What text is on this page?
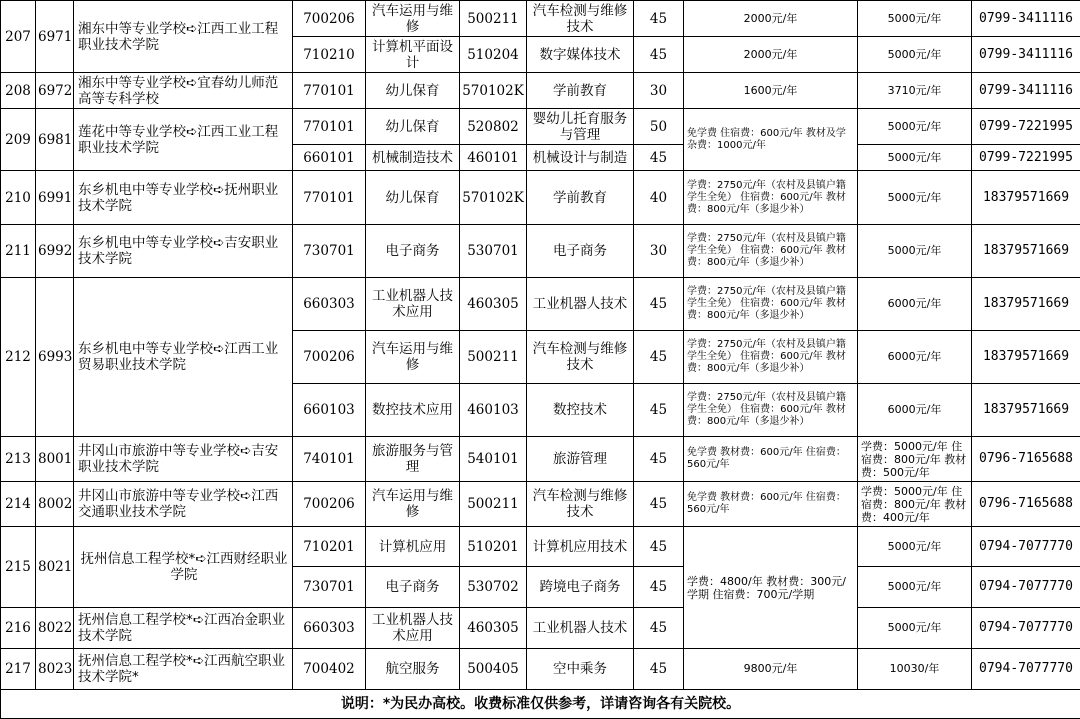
207	6971	湘东中等专业学校➪江西工业工程职业技术学院	700206	汽车运用与维修	500211	汽车检测与维修技术	45	2000元/年	5000元/年	0799-3411116
			710210	计算机平面设计	510204	数字媒体技术	45	2000元/年	5000元/年	0799-3411116
208	6972	湘东中等专业学校➪宜春幼儿师范高等专科学校	770101	幼儿保育	570102K	学前教育	30	1600元/年	3710元/年	0799-3411116
209	6981	莲花中等专业学校➪江西工业工程职业技术学院	770101	幼儿保育	520802	婴幼儿托育服务与管理	50	免学费 住宿费：600元/年 教材及学杂费：1000元/年	5000元/年	0799-7221995
			660101	机械制造技术	460101	机械设计与制造	45		5000元/年	0799-7221995
210	6991	东乡机电中等专业学校➪抚州职业技术学院	770101	幼儿保育	570102K	学前教育	40	学费：2750元/年（农村及县镇户籍学生全免） 住宿费：600元/年 教材费：800元/年（多退少补）	5000元/年	18379571669
211	6992	东乡机电中等专业学校➪吉安职业技术学院	730701	电子商务	530701	电子商务	30	学费：2750元/年（农村及县镇户籍学生全免） 住宿费：600元/年 教材费：800元/年（多退少补）	5000元/年	18379571669
212	6993	东乡机电中等专业学校➪江西工业贸易职业技术学院	660303	工业机器人技术应用	460305	工业机器人技术	45	学费：2750元/年（农村及县镇户籍学生全免） 住宿费：600元/年 教材费：800元/年（多退少补）	6000元/年	18379571669
			700206	汽车运用与维修	500211	汽车检测与维修技术	45	学费：2750元/年（农村及县镇户籍学生全免） 住宿费：600元/年 教材费：800元/年（多退少补）	6000元/年	18379571669
			660103	数控技术应用	460103	数控技术	45	学费：2750元/年（农村及县镇户籍学生全免） 住宿费：600元/年 教材费：800元/年（多退少补）	6000元/年	18379571669
213	8001	井冈山市旅游中等专业学校➪吉安职业技术学院	740101	旅游服务与管理	540101	旅游管理	45	免学费 教材费：600元/年 住宿费：560元/年	学费：5000元/年 住宿费：800元/年 教材费：500元/年	0796-7165688
214	8002	井冈山市旅游中等专业学校➪江西交通职业技术学院	700206	汽车运用与维修	500211	汽车检测与维修技术	45	免学费 教材费：600元/年 住宿费：560元/年	学费：5000元/年 住宿费：800元/年 教材费：400元/年	0796-7165688
215	8021	抚州信息工程学校*➪江西财经职业学院	710201	计算机应用	510201	计算机应用技术	45	学费：4800/年 教材费：300元/学期 住宿费：700元/学期	5000元/年	0794-7077770
			730701	电子商务	530702	跨境电子商务	45		5000元/年	0794-7077770
216	8022	抚州信息工程学校*➪江西冶金职业技术学院	660303	工业机器人技术应用	460305	工业机器人技术	45		5000元/年	0794-7077770
217	8023	抚州信息工程学校*➪江西航空职业技术学院*	700402	航空服务	500405	空中乘务	45	9800元/年	10030/年	0794-7077770
说明：*为民办高校。收费标准仅供参考，详请咨询各有关院校。										
